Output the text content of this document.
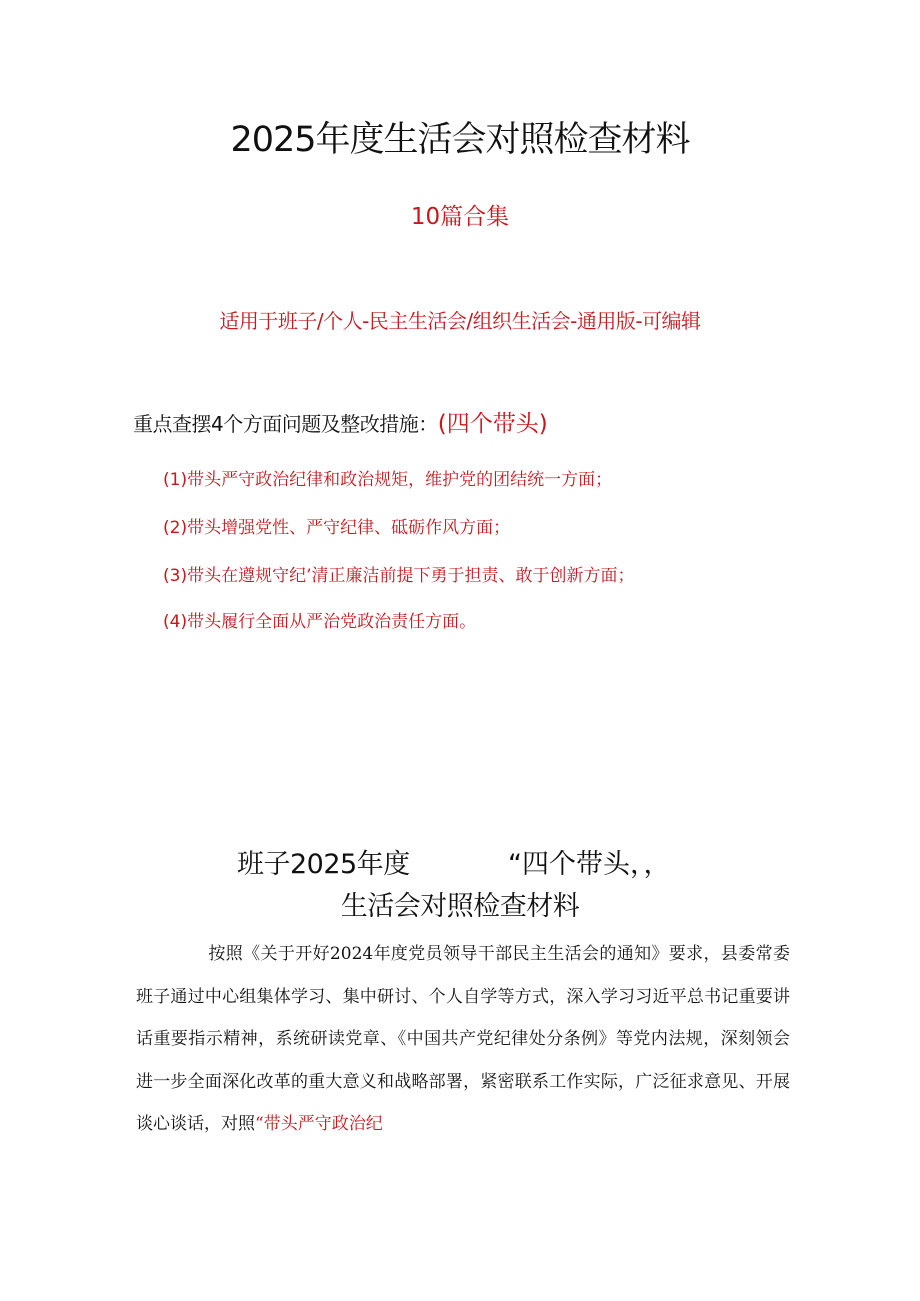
2025年度生活会对照检查材料
10篇合集
适用于班子/个人-民主生活会/组织生活会-通用版-可编辑
重点查摆4个方面问题及整改措施：(四个带头)
(1)带头严守政治纪律和政治规矩，维护党的团结统一方面；
(2)带头增强党性、严守纪律、砥砺作风方面；
(3)带头在遵规守纪’清正廉洁前提下勇于担责、敢于创新方面；
(4)带头履行全面从严治党政治责任方面。
班子2025年度	“四个带头，，
生活会对照检查材料
按照《关于开好2024年度党员领导干部民主生活会的通知》要求，县委常委班子通过中心组集体学习、集中研讨、个人自学等方式，深入学习习近平总书记重要讲话重要指示精神，系统研读党章、《中国共产党纪律处分条例》等党内法规，深刻领会进一步全面深化改革的重大意义和战略部署，紧密联系工作实际，广泛征求意见、开展谈心谈话，对照“带头严守政治纪
